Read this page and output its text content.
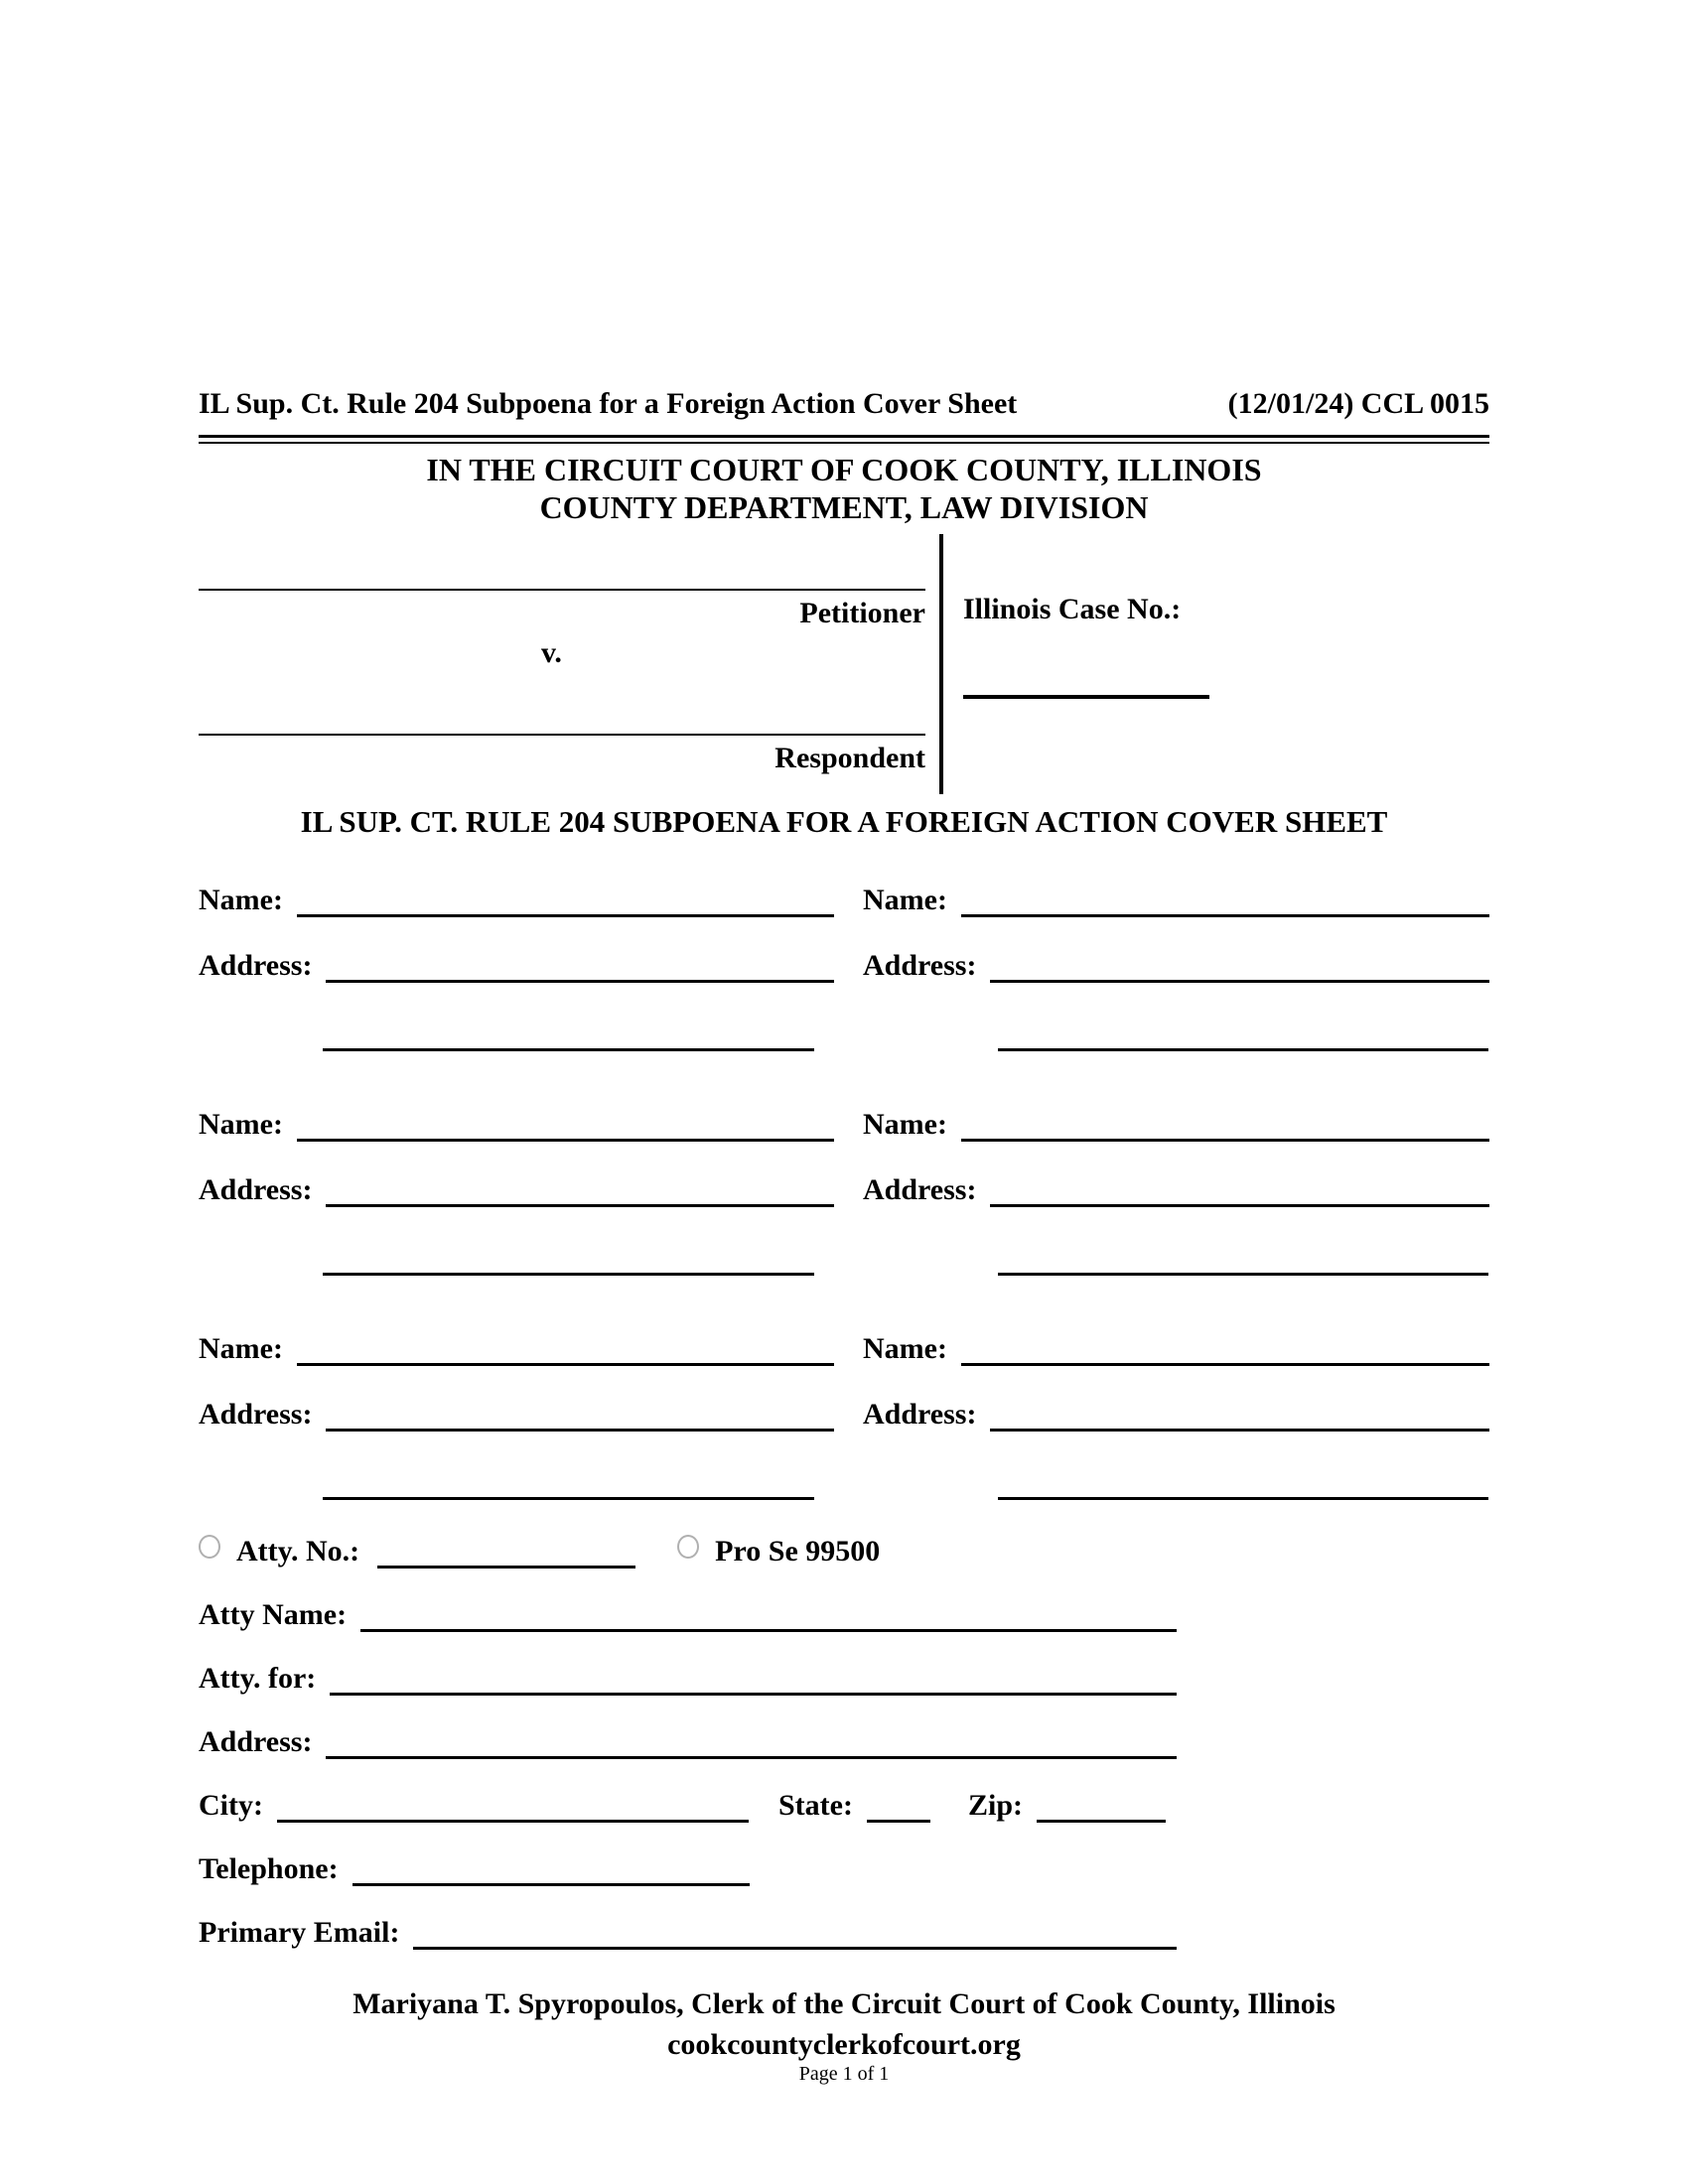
IL Sup. Ct. Rule 204 Subpoena for a Foreign Action Cover Sheet	(12/01/24) CCL 0015
IN THE CIRCUIT COURT OF COOK COUNTY, ILLINOIS
COUNTY DEPARTMENT, LAW DIVISION
Petitioner
v.
Respondent
Illinois Case No.:
IL SUP. CT. RULE 204 SUBPOENA FOR A FOREIGN ACTION COVER SHEET
Name:
Address:
Name:
Address:
Name:
Address:
Name:
Address:
Name:
Address:
Name:
Address:
Atty. No.:	Pro Se 99500
Atty Name:
Atty. for:
Address:
City:	State:	Zip:
Telephone:
Primary Email:
Mariyana T. Spyropoulos, Clerk of the Circuit Court of Cook County, Illinois
cookcountyclerkofcourt.org
Page 1 of 1
